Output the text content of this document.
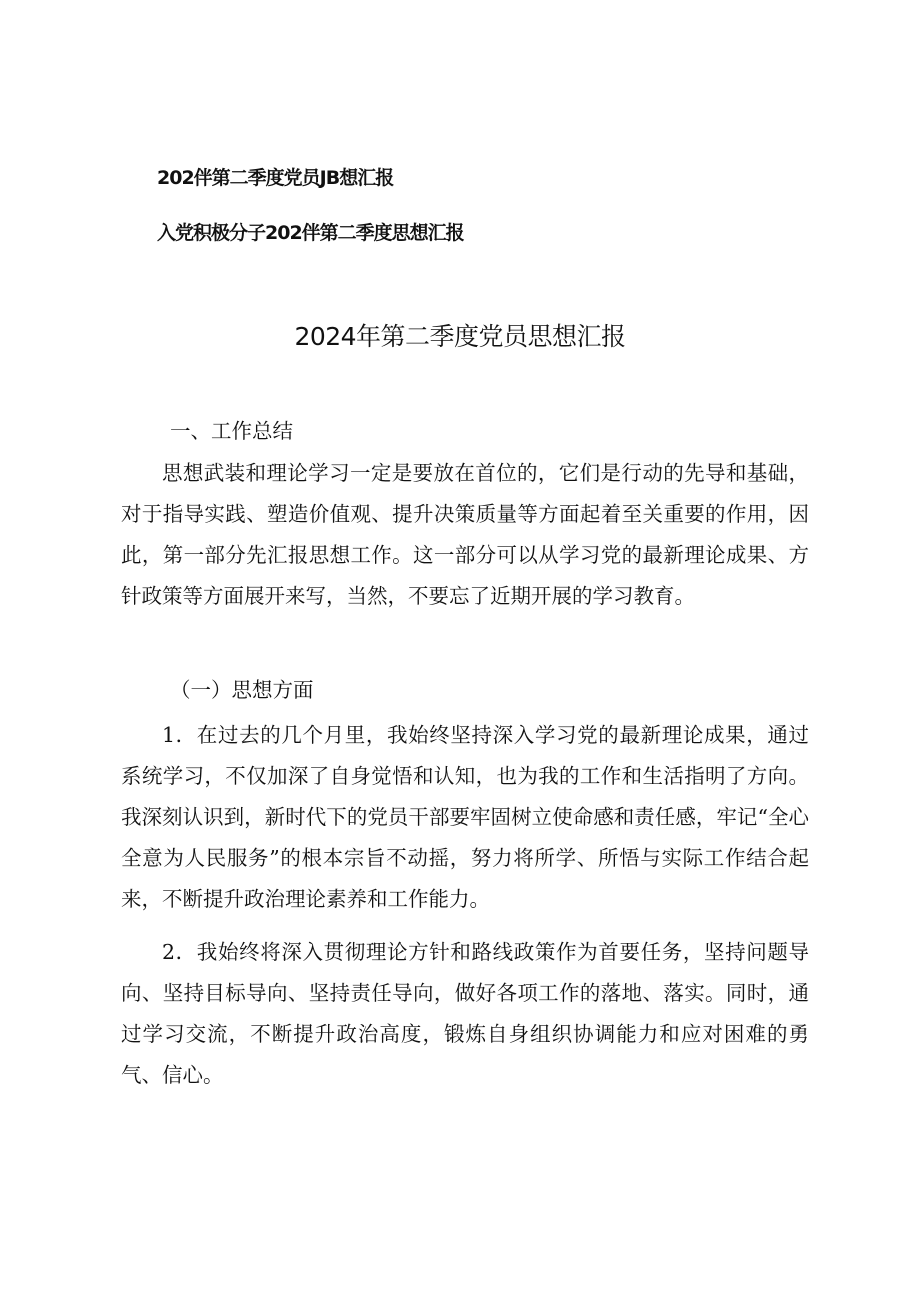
202伴第二季度党员JB想汇报
入党积极分子202伴第二季度思想汇报
2024年第二季度党员思想汇报
一、工作总结

思想武装和理论学习一定是要放在首位的，它们是行动的先导和基础，对于指导实践、塑造价值观、提升决策质量等方面起着至关重要的作用，因此，第一部分先汇报思想工作。这一部分可以从学习党的最新理论成果、方针政策等方面展开来写，当然，不要忘了近期开展的学习教育。

（一）思想方面

1．在过去的几个月里，我始终坚持深入学习党的最新理论成果，通过系统学习，不仅加深了自身觉悟和认知，也为我的工作和生活指明了方向。我深刻认识到，新时代下的党员干部要牢固树立使命感和责任感，牢记“全心全意为人民服务”的根本宗旨不动摇，努力将所学、所悟与实际工作结合起来，不断提升政治理论素养和工作能力。

2．我始终将深入贯彻理论方针和路线政策作为首要任务，坚持问题导向、坚持目标导向、坚持责任导向，做好各项工作的落地、落实。同时，通过学习交流，不断提升政治高度，锻炼自身组织协调能力和应对困难的勇气、信心。
